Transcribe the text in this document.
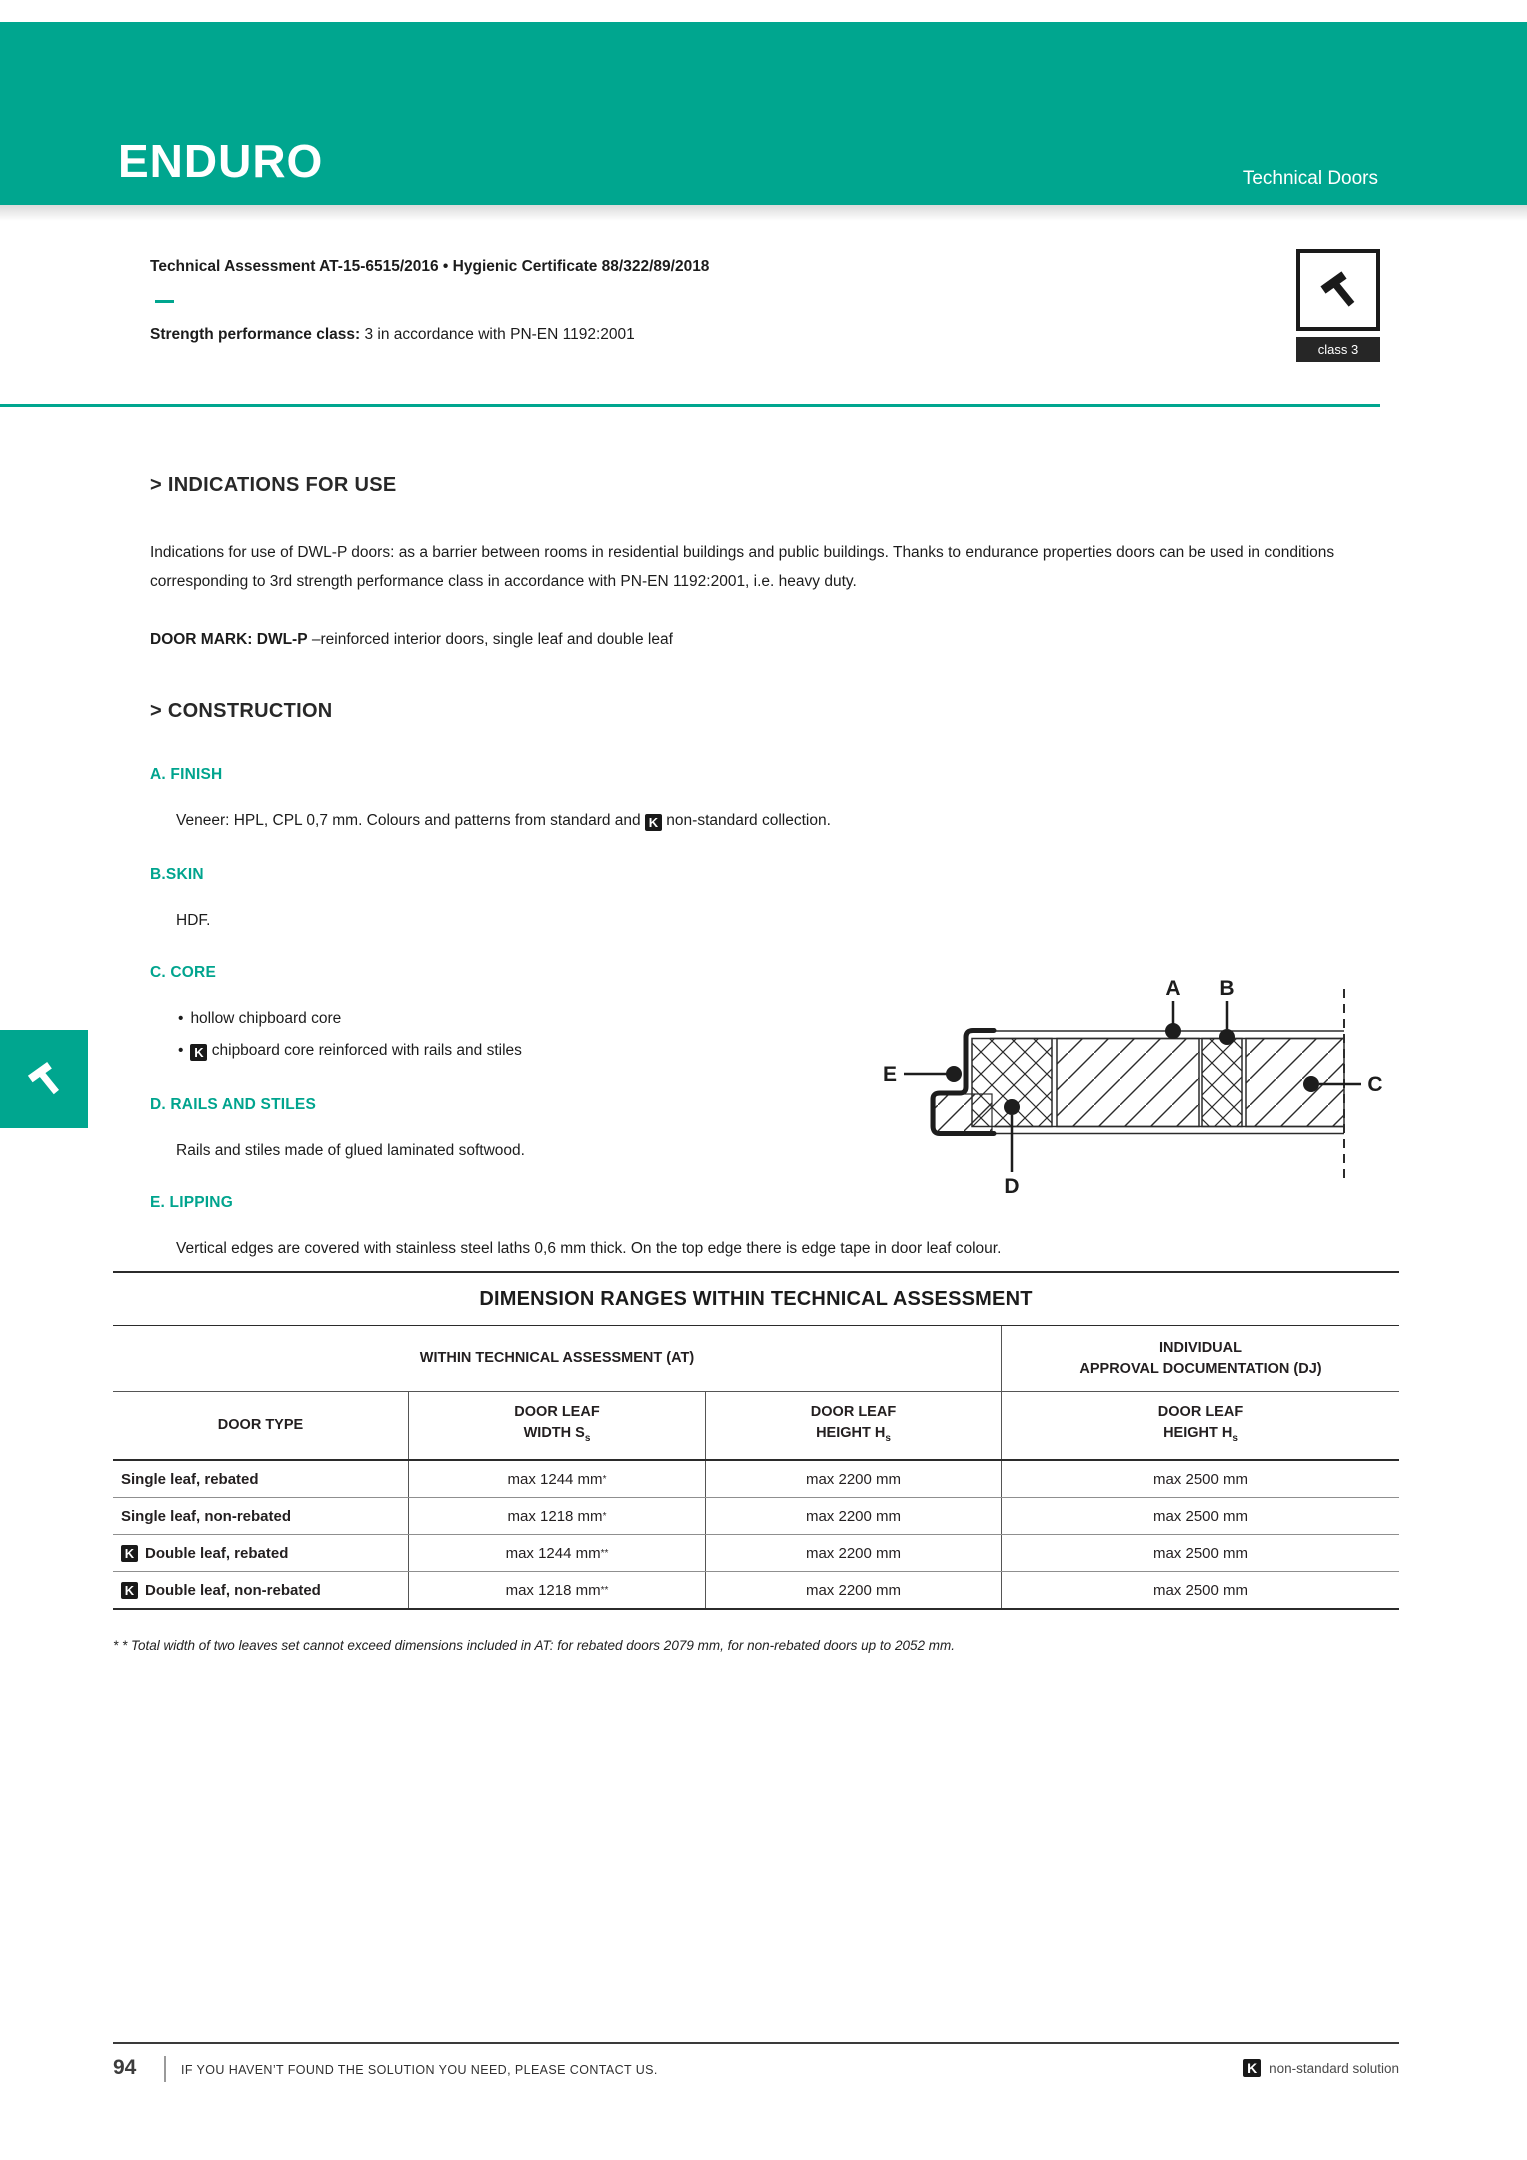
ENDURO	Technical Doors
Technical Assessment AT-15-6515/2016 • Hygienic Certificate 88/322/89/2018
Strength performance class: 3 in accordance with PN-EN 1192:2001
class 3
> INDICATIONS FOR USE
Indications for use of DWL-P doors: as a barrier between rooms in residential buildings and public buildings. Thanks to endurance properties doors can be used in conditions corresponding to 3rd strength performance class in accordance with PN-EN 1192:2001, i.e. heavy duty.
DOOR MARK: DWL-P –reinforced interior doors, single leaf and double leaf
> CONSTRUCTION
A. FINISH
Veneer: HPL, CPL 0,7 mm. Colours and patterns from standard and K non-standard collection.
B.SKIN
HDF.
C. CORE
• hollow chipboard core
• K chipboard core reinforced with rails and stiles
D. RAILS AND STILES
Rails and stiles made of glued laminated softwood.
E. LIPPING
Vertical edges are covered with stainless steel laths 0,6 mm thick. On the top edge there is edge tape in door leaf colour.
A B
C
D
E
DIMENSION RANGES WITHIN TECHNICAL ASSESSMENT
WITHIN TECHNICAL ASSESSMENT (AT)
INDIVIDUAL
APPROVAL DOCUMENTATION (DJ)
DOOR TYPE
DOOR LEAF
WIDTH $S_s$
DOOR LEAF
HEIGHT $H_s$
DOOR LEAF
HEIGHT $H_s$
Single leaf, rebated	max 1244 mm *	max 2200 mm	max 2500 mm
Single leaf, non-rebated	max 1218 mm *	max 2200 mm	max 2500 mm
K Double leaf, rebated	max 1244 mm **	max 2200 mm	max 2500 mm
K Double leaf, non-rebated	max 1218 mm **	max 2200 mm	max 2500 mm
* * Total width of two leaves set cannot exceed dimensions included in AT: for rebated doors 2079 mm, for non-rebated doors up to 2052 mm.
94	IF YOU HAVEN’T FOUND THE SOLUTION YOU NEED, PLEASE CONTACT US.	K non-standard solution
